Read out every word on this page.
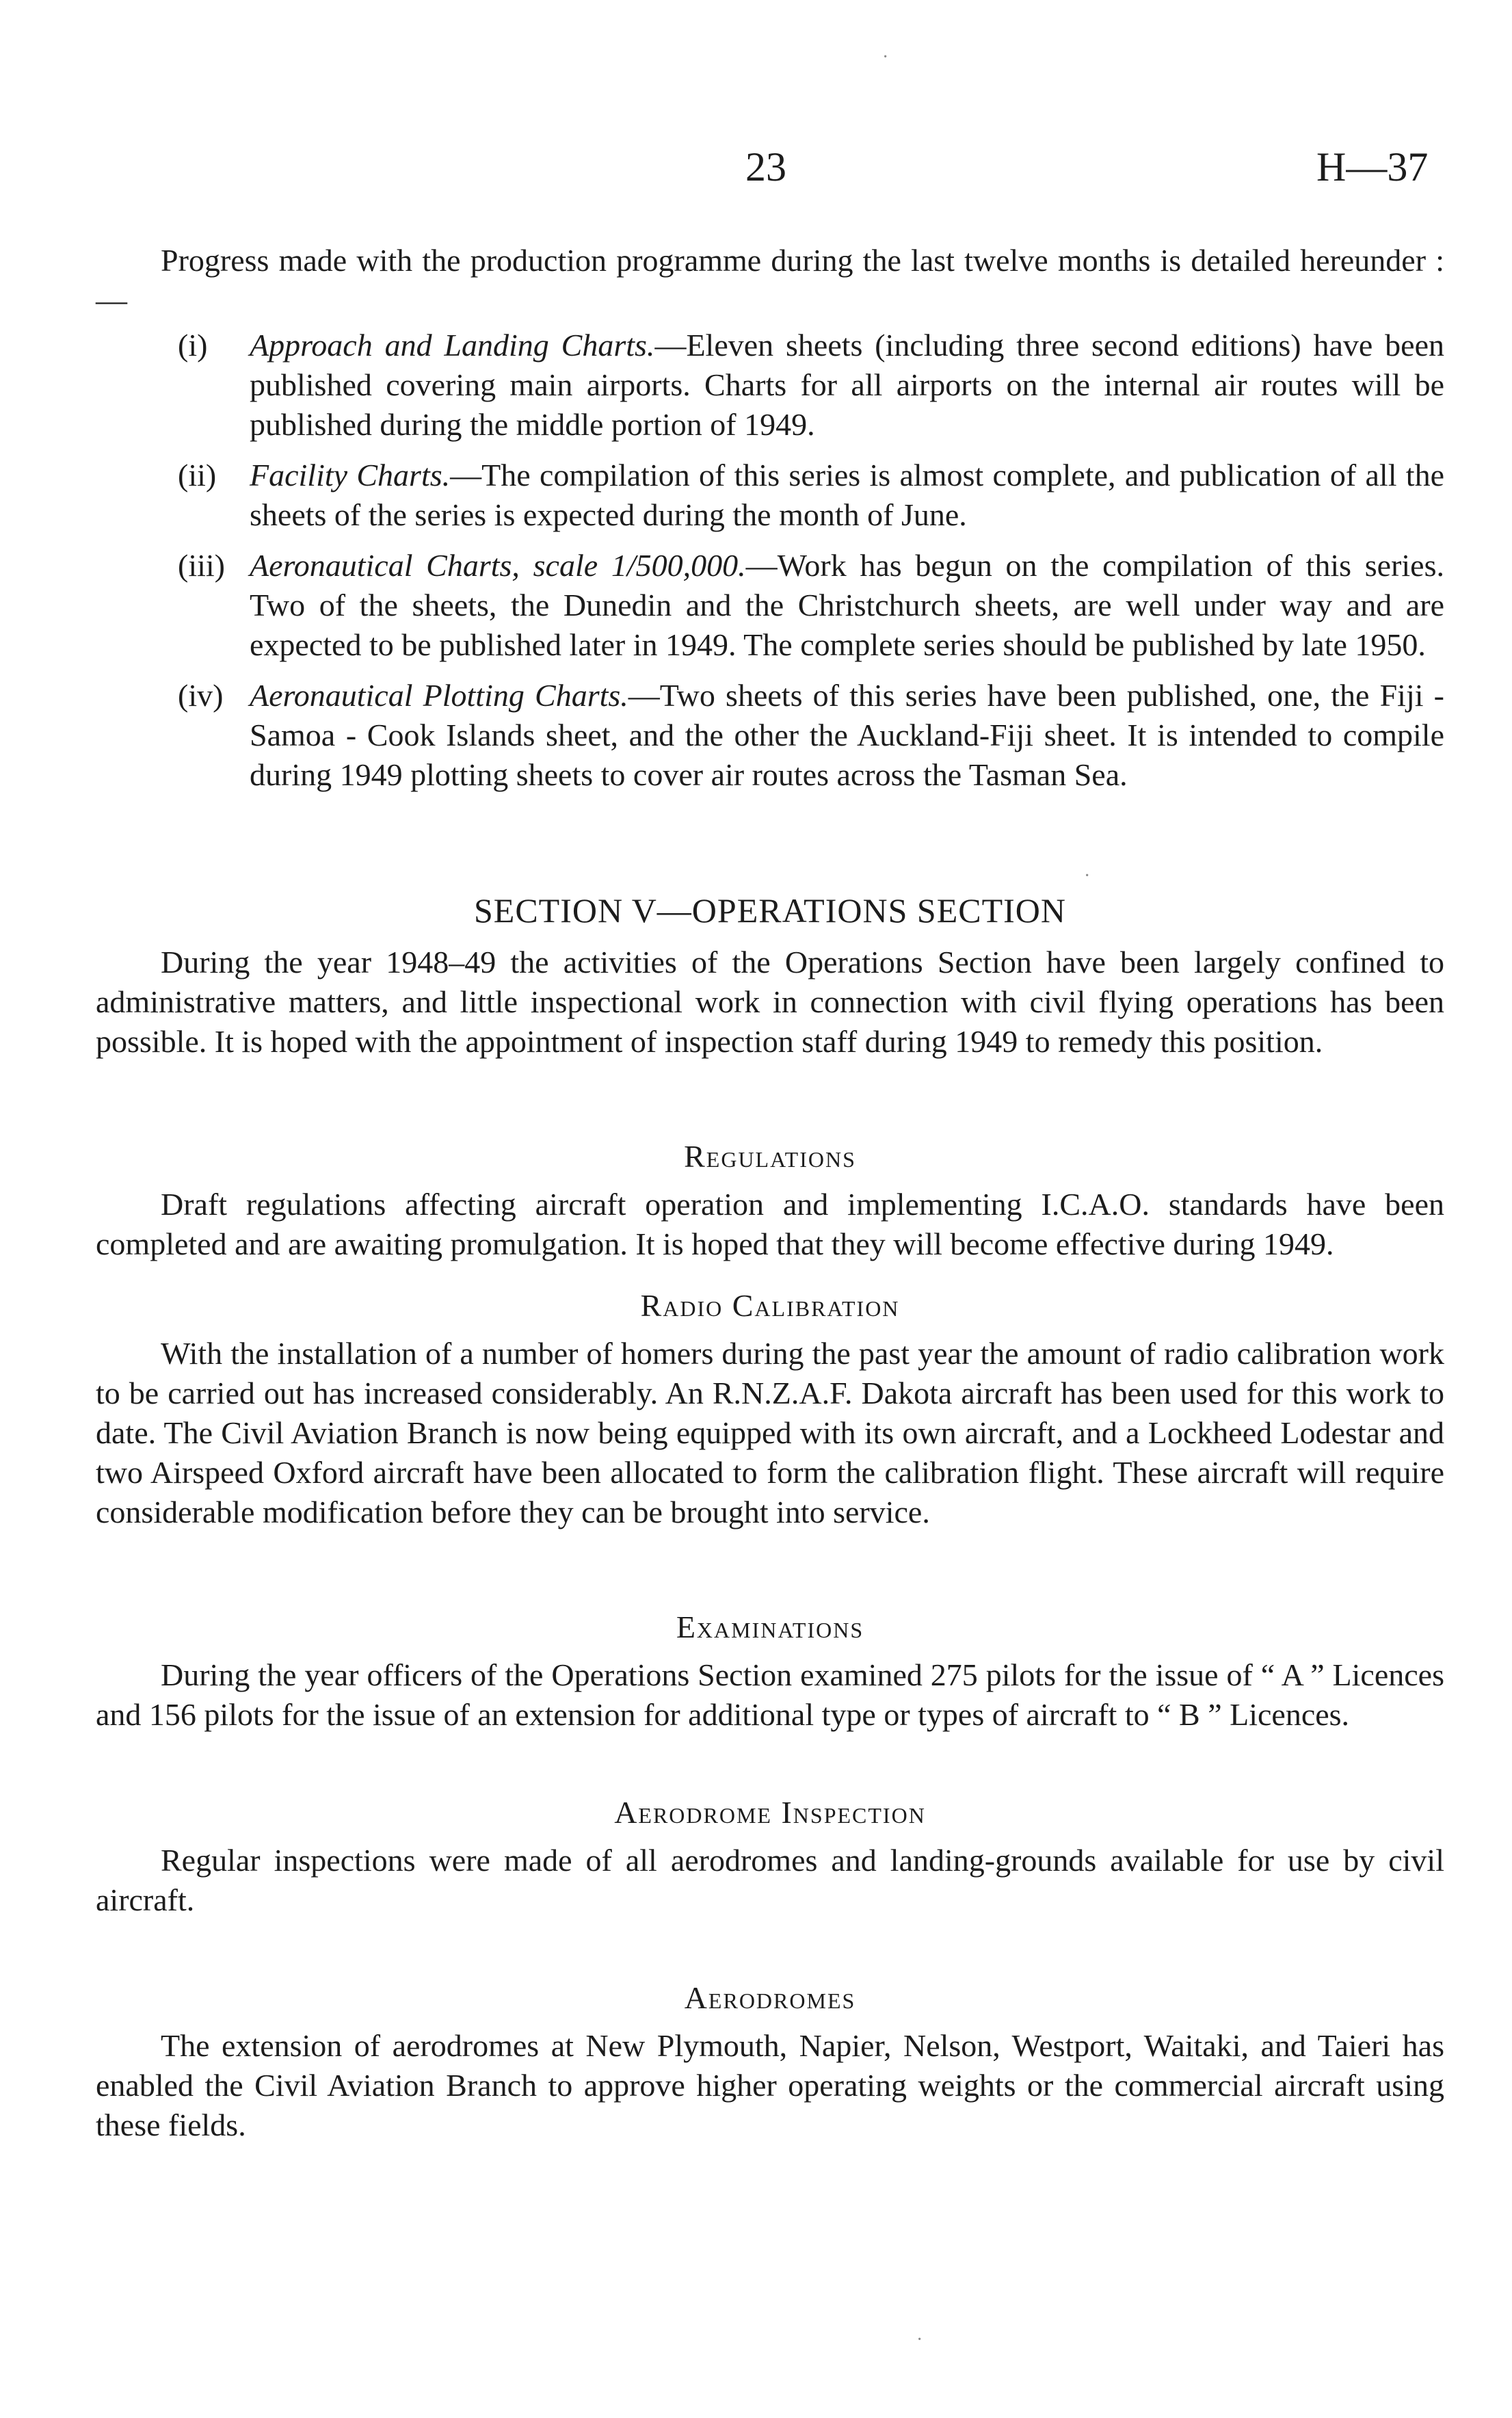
23	H—37

Progress made with the production programme during the last twelve months is detailed hereunder :—

(i)	Approach and Landing Charts.—Eleven sheets (including three second editions) have been published covering main airports. Charts for all airports on the internal air routes will be published during the middle portion of 1949.
(ii)	Facility Charts.—The compilation of this series is almost complete, and publication of all the sheets of the series is expected during the month of June.
(iii) Aeronautical Charts, scale 1/500,000.—Work has begun on the compilation of this series. Two of the sheets, the Dunedin and the Christchurch sheets, are well under way and are expected to be published later in 1949. The complete series should be published by late 1950.
(iv) Aeronautical Plotting Charts.—Two sheets of this series have been published, one, the Fiji - Samoa - Cook Islands sheet, and the other the Auckland-Fiji sheet. It is intended to compile during 1949 plotting sheets to cover air routes across the Tasman Sea.
SECTION V—OPERATIONS SECTION

During the year 1948–49 the activities of the Operations Section have been largely confined to administrative matters, and little inspectional work in connection with civil flying operations has been possible. It is hoped with the appointment of inspection staff during 1949 to remedy this position.

Regulations

Draft regulations affecting aircraft operation and implementing I.C.A.O. standards have been completed and are awaiting promulgation. It is hoped that they will become effective during 1949.

Radio Calibration

With the installation of a number of homers during the past year the amount of radio calibration work to be carried out has increased considerably. An R.N.Z.A.F. Dakota aircraft has been used for this work to date. The Civil Aviation Branch is now being equipped with its own aircraft, and a Lockheed Lodestar and two Airspeed Oxford aircraft have been allocated to form the calibration flight. These aircraft will require considerable modification before they can be brought into service.

Examinations

During the year officers of the Operations Section examined 275 pilots for the issue of “ A ” Licences and 156 pilots for the issue of an extension for additional type or types of aircraft to “ B ” Licences.

Aerodrome Inspection

Regular inspections were made of all aerodromes and landing-grounds available for use by civil aircraft.

Aerodromes

The extension of aerodromes at New Plymouth, Napier, Nelson, Westport, Waitaki, and Taieri has enabled the Civil Aviation Branch to approve higher operating weights or the commercial aircraft using these fields.

·
·
·
